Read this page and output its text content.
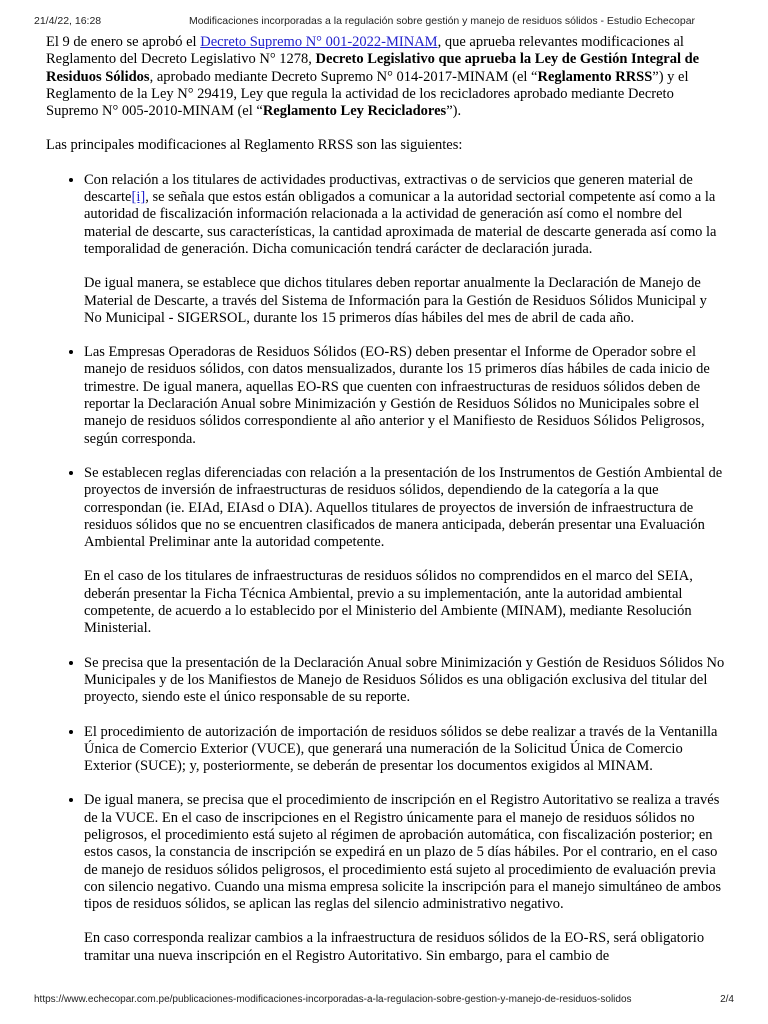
21/4/22, 16:28	Modificaciones incorporadas a la regulación sobre gestión y manejo de residuos sólidos - Estudio Echecopar

El 9 de enero se aprobó el Decreto Supremo N° 001-2022-MINAM, que aprueba relevantes modificaciones al Reglamento del Decreto Legislativo N° 1278, Decreto Legislativo que aprueba la Ley de Gestión Integral de Residuos Sólidos, aprobado mediante Decreto Supremo N° 014-2017-MINAM (el “Reglamento RRSS”) y el Reglamento de la Ley N° 29419, Ley que regula la actividad de los recicladores aprobado mediante Decreto Supremo N° 005-2010-MINAM (el “Reglamento Ley Recicladores”).

Las principales modificaciones al Reglamento RRSS son las siguientes:

• Con relación a los titulares de actividades productivas, extractivas o de servicios que generen material de descarte[i], se señala que estos están obligados a comunicar a la autoridad sectorial competente así como a la autoridad de fiscalización información relacionada a la actividad de generación así como el nombre del material de descarte, sus características, la cantidad aproximada de material de descarte generada así como la temporalidad de generación. Dicha comunicación tendrá carácter de declaración jurada.

De igual manera, se establece que dichos titulares deben reportar anualmente la Declaración de Manejo de Material de Descarte, a través del Sistema de Información para la Gestión de Residuos Sólidos Municipal y No Municipal - SIGERSOL, durante los 15 primeros días hábiles del mes de abril de cada año.

• Las Empresas Operadoras de Residuos Sólidos (EO-RS) deben presentar el Informe de Operador sobre el manejo de residuos sólidos, con datos mensualizados, durante los 15 primeros días hábiles de cada inicio de trimestre. De igual manera, aquellas EO-RS que cuenten con infraestructuras de residuos sólidos deben de reportar la Declaración Anual sobre Minimización y Gestión de Residuos Sólidos no Municipales sobre el manejo de residuos sólidos correspondiente al año anterior y el Manifiesto de Residuos Sólidos Peligrosos, según corresponda.

• Se establecen reglas diferenciadas con relación a la presentación de los Instrumentos de Gestión Ambiental de proyectos de inversión de infraestructuras de residuos sólidos, dependiendo de la categoría a la que correspondan (ie. EIAd, EIAsd o DIA). Aquellos titulares de proyectos de inversión de infraestructura de residuos sólidos que no se encuentren clasificados de manera anticipada, deberán presentar una Evaluación Ambiental Preliminar ante la autoridad competente.

En el caso de los titulares de infraestructuras de residuos sólidos no comprendidos en el marco del SEIA, deberán presentar la Ficha Técnica Ambiental, previo a su implementación, ante la autoridad ambiental competente, de acuerdo a lo establecido por el Ministerio del Ambiente (MINAM), mediante Resolución Ministerial.

• Se precisa que la presentación de la Declaración Anual sobre Minimización y Gestión de Residuos Sólidos No Municipales y de los Manifiestos de Manejo de Residuos Sólidos es una obligación exclusiva del titular del proyecto, siendo este el único responsable de su reporte.

• El procedimiento de autorización de importación de residuos sólidos se debe realizar a través de la Ventanilla Única de Comercio Exterior (VUCE), que generará una numeración de la Solicitud Única de Comercio Exterior (SUCE); y, posteriormente, se deberán de presentar los documentos exigidos al MINAM.

• De igual manera, se precisa que el procedimiento de inscripción en el Registro Autoritativo se realiza a través de la VUCE. En el caso de inscripciones en el Registro únicamente para el manejo de residuos sólidos no peligrosos, el procedimiento está sujeto al régimen de aprobación automática, con fiscalización posterior; en estos casos, la constancia de inscripción se expedirá en un plazo de 5 días hábiles. Por el contrario, en el caso de manejo de residuos sólidos peligrosos, el procedimiento está sujeto al procedimiento de evaluación previa con silencio negativo. Cuando una misma empresa solicite la inscripción para el manejo simultáneo de ambos tipos de residuos sólidos, se aplican las reglas del silencio administrativo negativo.

En caso corresponda realizar cambios a la infraestructura de residuos sólidos de la EO-RS, será obligatorio tramitar una nueva inscripción en el Registro Autoritativo. Sin embargo, para el cambio de

https://www.echecopar.com.pe/publicaciones-modificaciones-incorporadas-a-la-regulacion-sobre-gestion-y-manejo-de-residuos-solidos	2/4
